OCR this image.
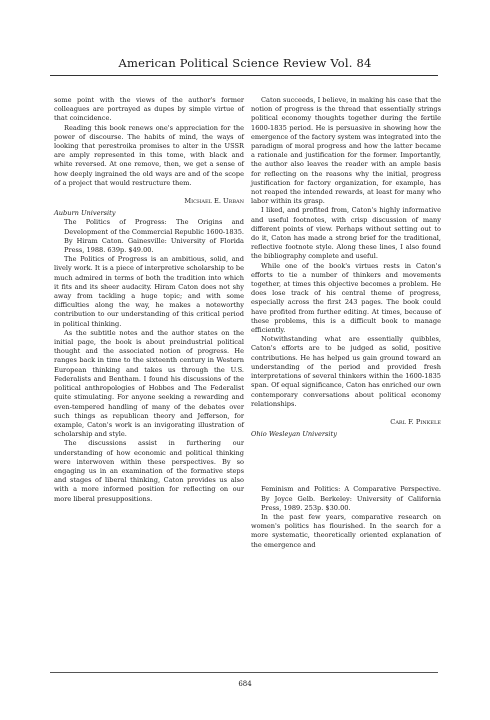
American Political Science Review Vol. 84

some point with the views of the author's former colleagues are portrayed as dupes by simple virtue of that coincidence.

Reading this book renews one's appreciation for the power of discourse. The habits of mind, the ways of looking that perestroika promises to alter in the USSR are amply represented in this tome, with black and white reversed. At one remove, then, we get a sense of how deeply ingrained the old ways are and of the scope of a project that would restructure them.

Michael E. Urban
Auburn University

The Politics of Progress: The Origins and Development of the Commercial Republic 1600-1835. By Hiram Caton. Gainesville: University of Florida Press, 1988. 639p. $49.00.

The Politics of Progress is an ambitious, solid, and lively work. It is a piece of interpretive scholarship to be much admired in terms of both the tradition into which it fits and its sheer audacity. Hiram Caton does not shy away from tackling a huge topic; and with some difficulties along the way, he makes a noteworthy contribution to our understanding of this critical period in political thinking.

As the subtitle notes and the author states on the initial page, the book is about preindustrial political thought and the associated notion of progress. He ranges back in time to the sixteenth century in Western European thinking and takes us through the U.S. Federalists and Bentham. I found his discussions of the political anthropologies of Hobbes and The Federalist quite stimulating. For anyone seeking a rewarding and even-tempered handling of many of the debates over such things as republican theory and Jefferson, for example, Caton's work is an invigorating illustration of scholarship and style.

The discussions assist in furthering our understanding of how economic and political thinking were interwoven within these perspectives. By so engaging us in an examination of the formative steps and stages of liberal thinking, Caton provides us also with a more informed position for reflecting on our more liberal presuppositions.

Caton succeeds, I believe, in making his case that the notion of progress is the thread that essentially strings political economy thoughts together during the fertile 1600-1835 period. He is persuasive in showing how the emergence of the factory system was integrated into the paradigm of moral progress and how the latter became a rationale and justification for the former. Importantly, the author also leaves the reader with an ample basis for reflecting on the reasons why the initial, progress justification for factory organization, for example, has not reaped the intended rewards, at least for many who labor within its grasp.

I liked, and profited from, Caton's highly informative and useful footnotes, with crisp discussion of many different points of view. Perhaps without setting out to do it, Caton has made a strong brief for the traditional, reflective footnote style. Along these lines, I also found the bibliography complete and useful.

While one of the book's virtues rests in Caton's efforts to tie a number of thinkers and movements together, at times this objective becomes a problem. He does lose track of his central theme of progress, especially across the first 243 pages. The book could have profited from further editing. At times, because of these problems, this is a difficult book to manage efficiently.

Notwithstanding what are essentially quibbles, Caton's efforts are to be judged as solid, positive contributions. He has helped us gain ground toward an understanding of the period and provided fresh interpretations of several thinkers within the 1600-1835 span. Of equal significance, Caton has enriched our own contemporary conversations about political economy relationships.

Carl F. Pinkele
Ohio Wesleyan University

Feminism and Politics: A Comparative Perspective. By Joyce Gelb. Berkeley: University of California Press, 1989. 253p. $30.00.

In the past few years, comparative research on women's politics has flourished. In the search for a more systematic, theoretically oriented explanation of the emergence and

684
